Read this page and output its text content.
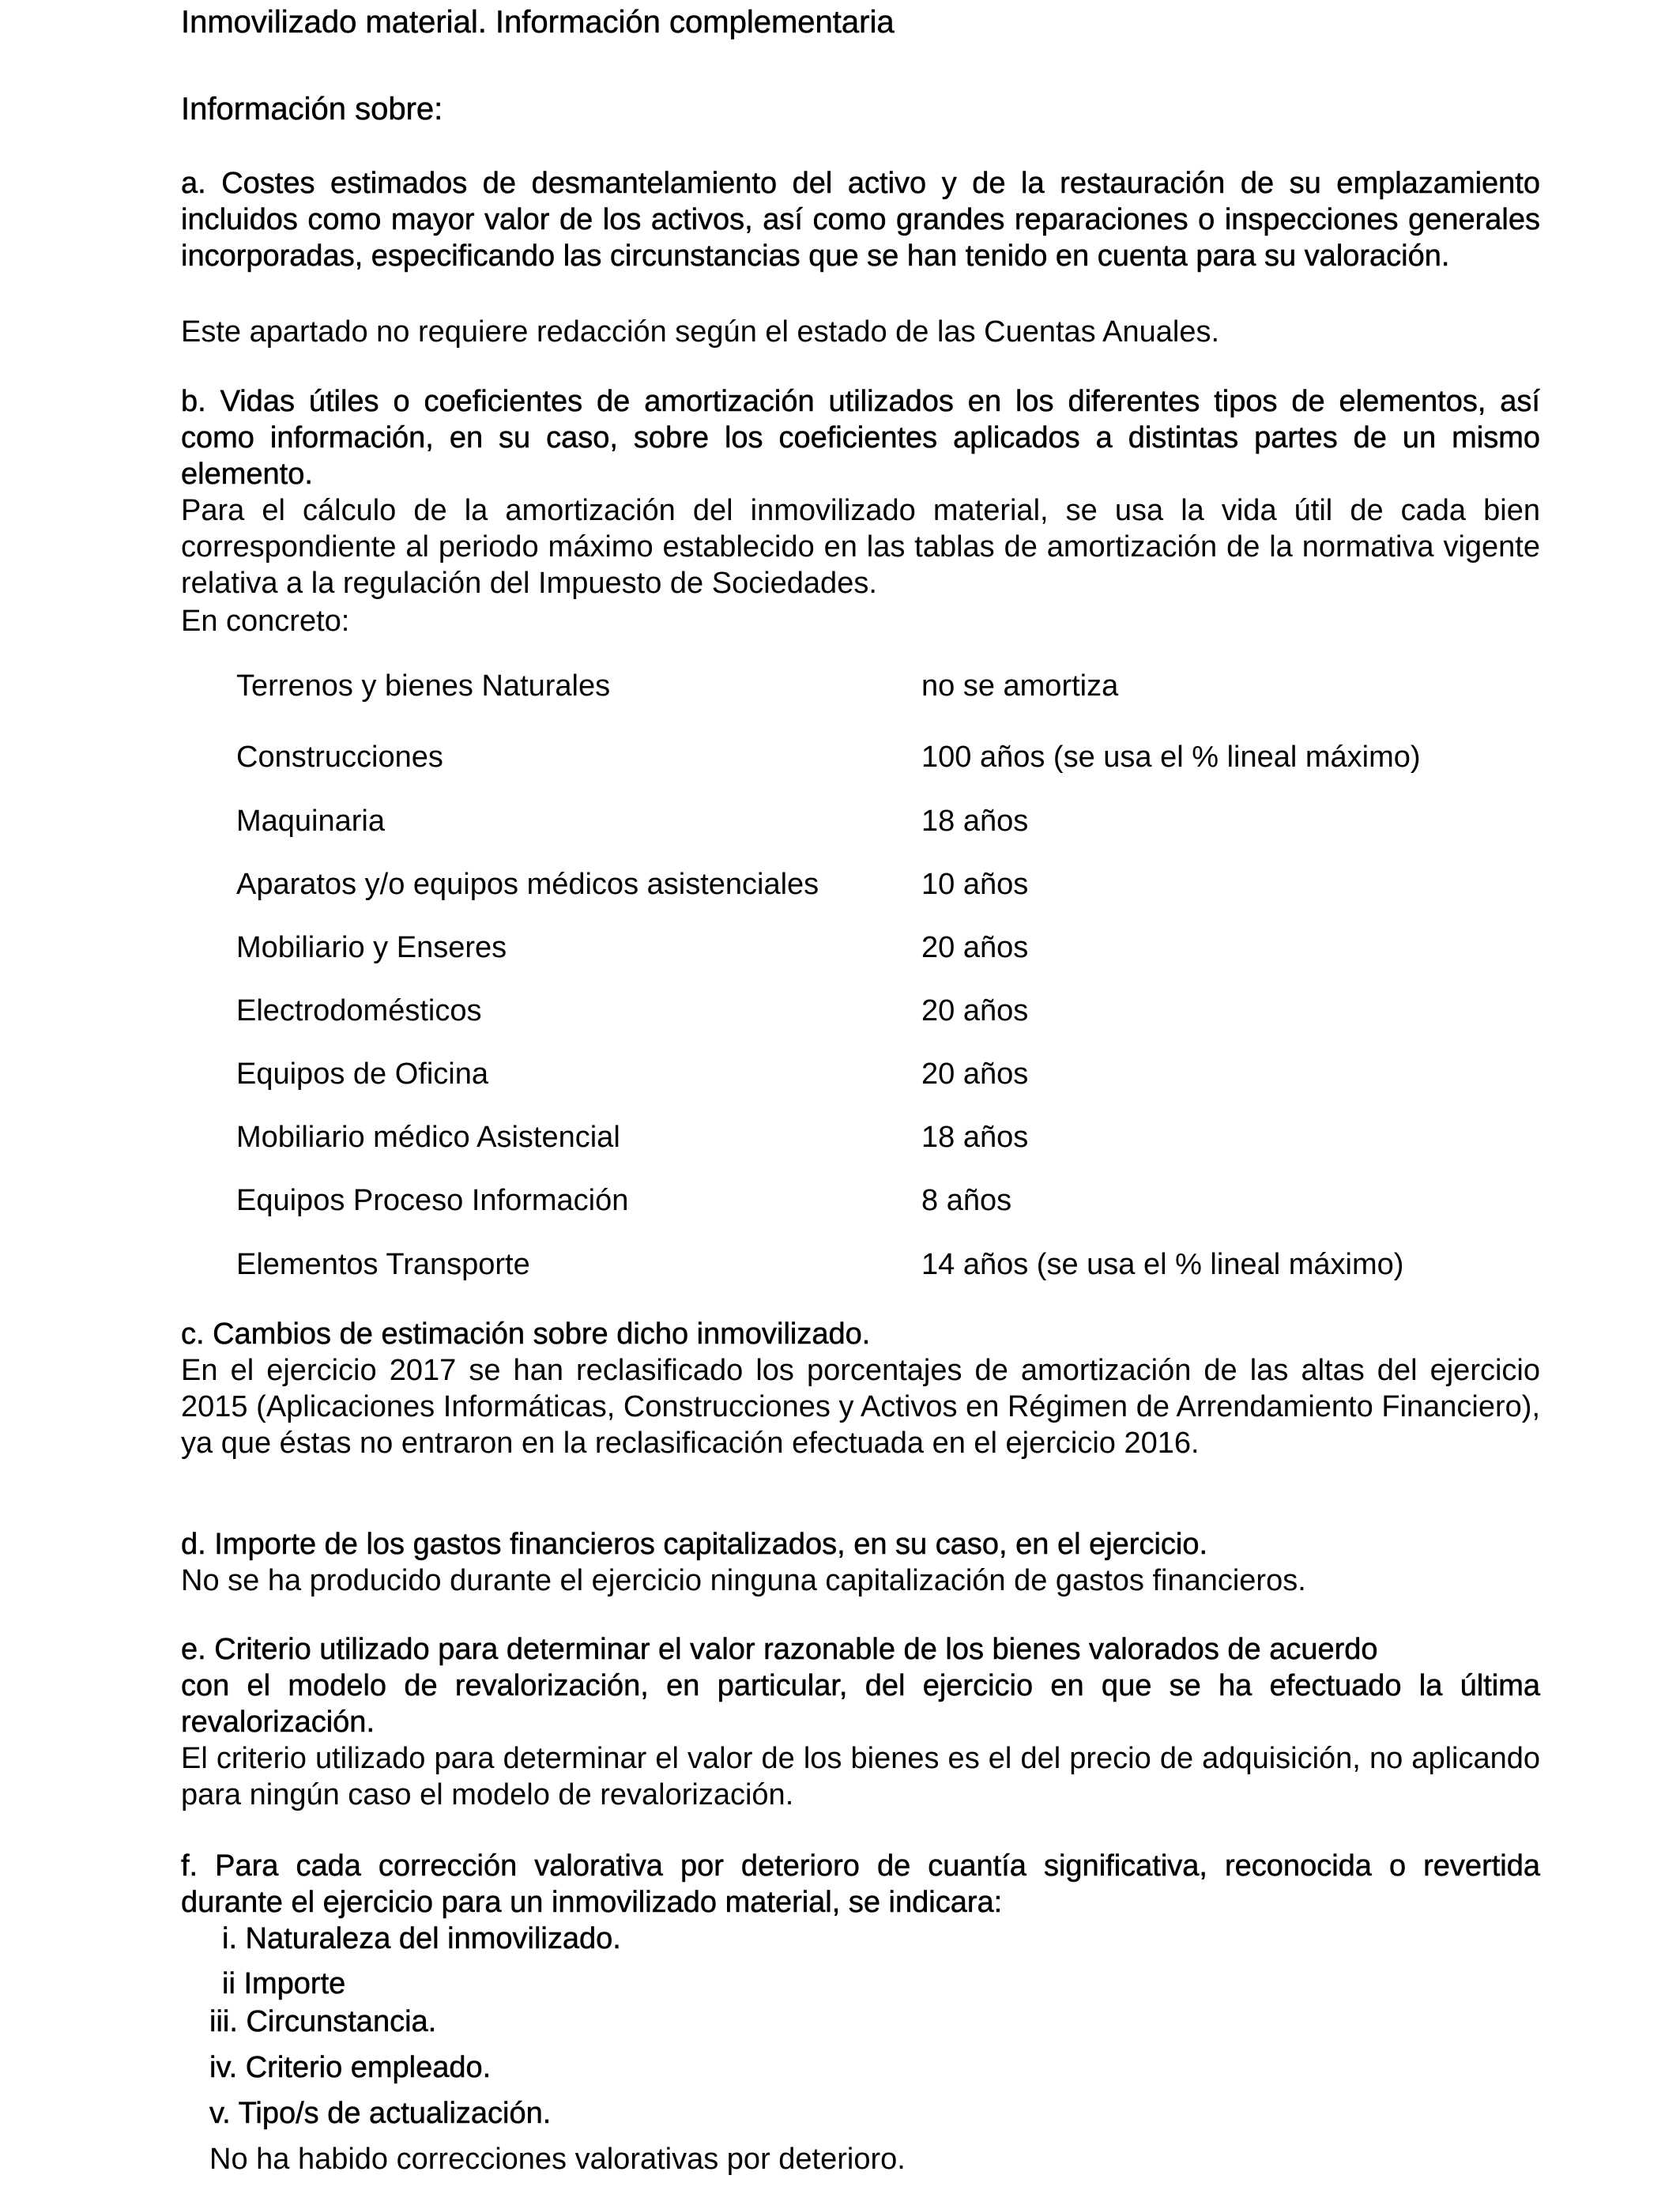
Inmovilizado material. Información complementaria
Información sobre:
a. Costes estimados de desmantelamiento del activo y de la restauración de su emplazamiento incluidos como mayor valor de los activos, así como grandes reparaciones o inspecciones generales incorporadas, especificando las circunstancias que se han tenido en cuenta para su valoración.
Este apartado no requiere redacción según el estado de las Cuentas Anuales.
b. Vidas útiles o coeficientes de amortización utilizados en los diferentes tipos de elementos, así como información, en su caso, sobre los coeficientes aplicados a distintas partes de un mismo elemento.
Para el cálculo de la amortización del inmovilizado material, se usa la vida útil de cada bien correspondiente al periodo máximo establecido en las tablas de amortización de la normativa vigente relativa a la regulación del Impuesto de Sociedades.
En concreto:
Terrenos y bienes Naturales	no se amortiza
Construcciones	100 años (se usa el % lineal máximo)
Maquinaria	18 años
Aparatos y/o equipos médicos asistenciales	10 años
Mobiliario y Enseres	20 años
Electrodomésticos	20 años
Equipos de Oficina	20 años
Mobiliario médico Asistencial	18 años
Equipos Proceso Información	8 años
Elementos Transporte	14 años (se usa el % lineal máximo)
c. Cambios de estimación sobre dicho inmovilizado.
En el ejercicio 2017 se han reclasificado los porcentajes de amortización de las altas del ejercicio 2015 (Aplicaciones Informáticas, Construcciones y Activos en Régimen de Arrendamiento Financiero), ya que éstas no entraron en la reclasificación efectuada en el ejercicio 2016.
d. Importe de los gastos financieros capitalizados, en su caso, en el ejercicio.
No se ha producido durante el ejercicio ninguna capitalización de gastos financieros.
e. Criterio utilizado para determinar el valor razonable de los bienes valorados de acuerdo
con el modelo de revalorización, en particular, del ejercicio en que se ha efectuado la última revalorización.
El criterio utilizado para determinar el valor de los bienes es el del precio de adquisición, no aplicando para ningún caso el modelo de revalorización.
f. Para cada corrección valorativa por deterioro de cuantía significativa, reconocida o revertida durante el ejercicio para un inmovilizado material, se indicara:
i. Naturaleza del inmovilizado.
ii Importe
iii. Circunstancia.
iv. Criterio empleado.
v. Tipo/s de actualización.
No ha habido correcciones valorativas por deterioro.
